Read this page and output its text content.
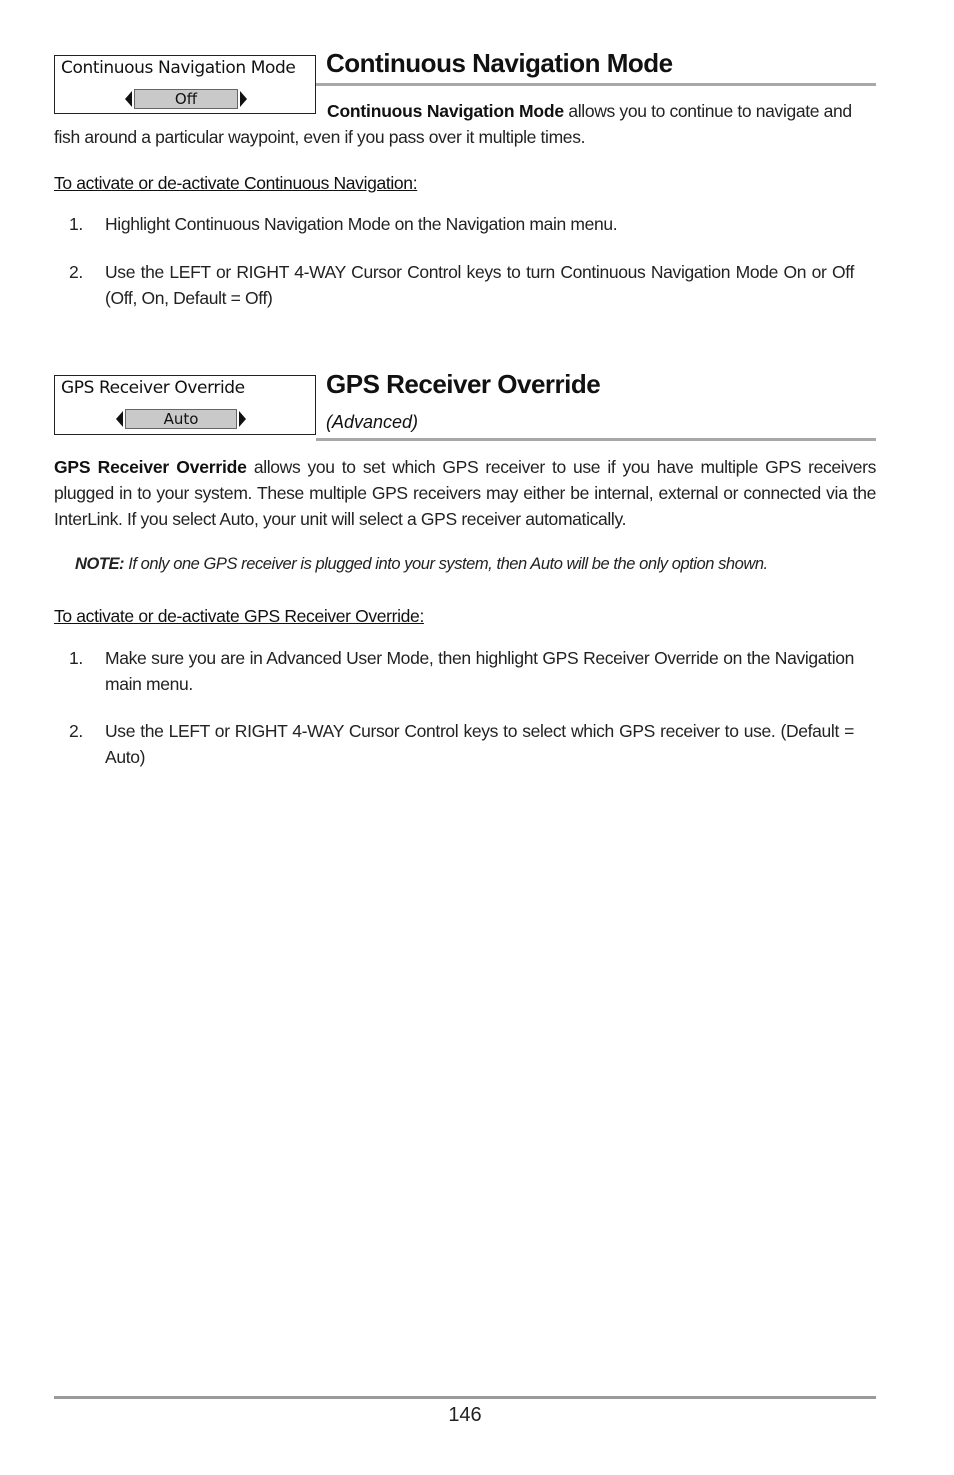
Continuous Navigation Mode
Off
Continuous Navigation Mode
Continuous Navigation Mode allows you to continue to navigate and
fish around a particular waypoint, even if you pass over it multiple times.
To activate or de-activate Continuous Navigation:
1. Highlight Continuous Navigation Mode on the Navigation main menu.
2. Use the LEFT or RIGHT 4-WAY Cursor Control keys to turn Continuous Navigation Mode On or Off (Off, On, Default = Off)
GPS Receiver Override
Auto
GPS Receiver Override
(Advanced)
GPS Receiver Override allows you to set which GPS receiver to use if you have multiple GPS receivers plugged in to your system. These multiple GPS receivers may either be internal, external or connected via the InterLink. If you select Auto, your unit will select a GPS receiver automatically.
NOTE: If only one GPS receiver is plugged into your system, then Auto will be the only option shown.
To activate or de-activate GPS Receiver Override:
1. Make sure you are in Advanced User Mode, then highlight GPS Receiver Override on the Navigation main menu.
2. Use the LEFT or RIGHT 4-WAY Cursor Control keys to select which GPS receiver to use. (Default = Auto)
146
